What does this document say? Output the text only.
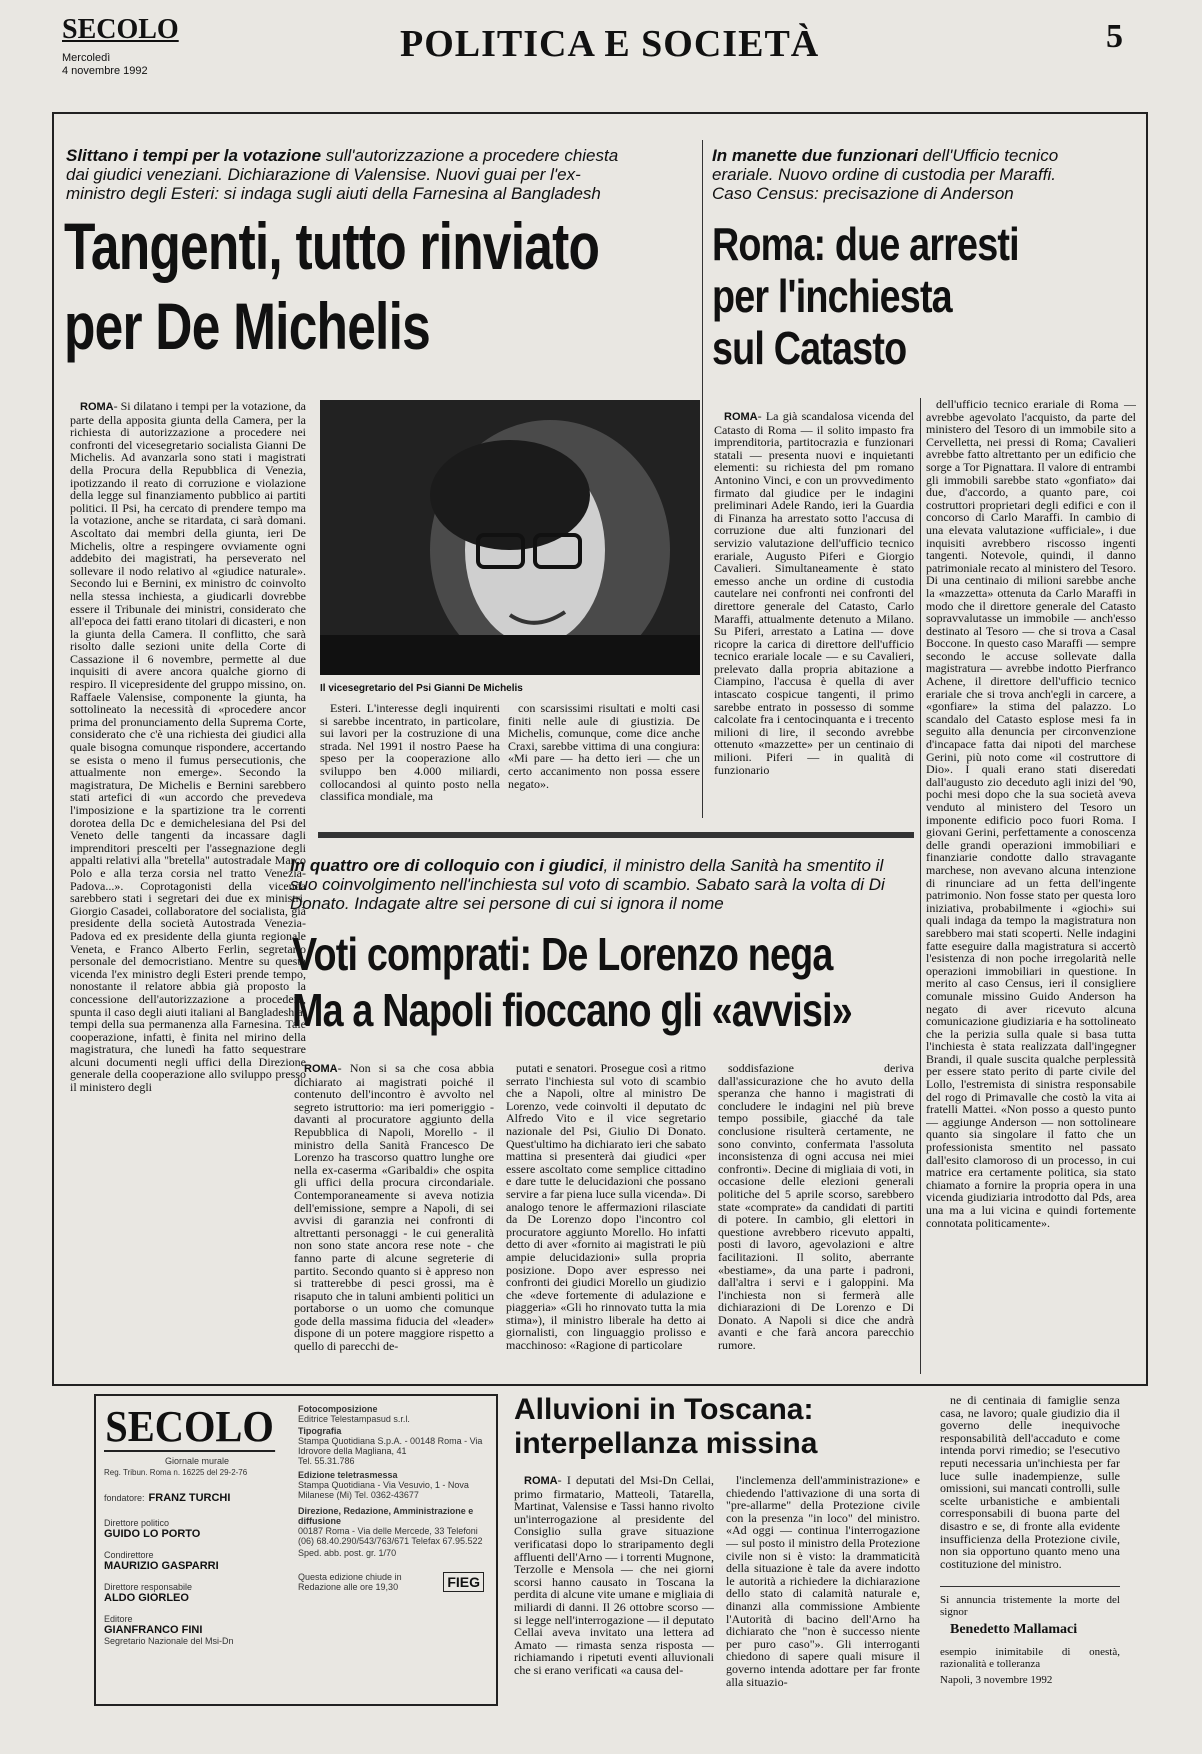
SECOLO
Mercoledì
4 novembre 1992
POLITICA E SOCIETÀ	5
Slittano i tempi per la votazione sull'autorizzazione a procedere chiesta dai giudici veneziani. Dichiarazione di Valensise. Nuovi guai per l'ex-ministro degli Esteri: si indaga sugli aiuti della Farnesina al Bangladesh
Tangenti, tutto rinviato
per De Michelis

ROMA- Si dilatano i tempi per la votazione, da parte della apposita giunta della Camera, per la richiesta di autorizzazione a procedere nei confronti del vicesegretario socialista Gianni De Michelis. Ad avanzarla sono stati i magistrati della Procura della Repubblica di Venezia, ipotizzando il reato di corruzione e violazione della legge sul finanziamento pubblico ai partiti politici. Il Psi, ha cercato di prendere tempo ma la votazione, anche se ritardata, ci sarà domani. Ascoltato dai membri della giunta, ieri De Michelis, oltre a respingere ovviamente ogni addebito dei magistrati, ha perseverato nel sollevare il nodo relativo al «giudice naturale». Secondo lui e Bernini, ex ministro dc coinvolto nella stessa inchiesta, a giudicarli dovrebbe essere il Tribunale dei ministri, considerato che all'epoca dei fatti erano titolari di dicasteri, e non la giunta della Camera. Il conflitto, che sarà risolto dalle sezioni unite della Corte di Cassazione il 6 novembre, permette al due inquisiti di avere ancora qualche giorno di respiro. Il vicepresidente del gruppo missino, on. Raffaele Valensise, componente la giunta, ha sottolineato la necessità di «procedere ancor prima del pronunciamento della Suprema Corte, considerato che c'è una richiesta dei giudici alla quale bisogna comunque rispondere, accertando se esista o meno il fumus persecutionis, che attualmente non emerge». Secondo la magistratura, De Michelis e Bernini sarebbero stati artefici di «un accordo che prevedeva l'imposizione e la spartizione tra le correnti dorotea della Dc e demichelesiana del Psi del Veneto delle tangenti da incassare dagli imprenditori prescelti per l'assegnazione degli appalti relativi alla "bretella" autostradale Marco Polo e alla terza corsia nel tratto Venezia-Padova...». Coprotagonisti della vicenda sarebbero stati i segretari dei due ex ministri, Giorgio Casadei, collaboratore del socialista, già presidente della società Autostrada Venezia-Padova ed ex presidente della giunta regionale Veneta, e Franco Alberto Ferlin, segretario personale del democristiano. Mentre su questa vicenda l'ex ministro degli Esteri prende tempo, nonostante il relatore abbia già proposto la concessione dell'autorizzazione a procedere, spunta il caso degli aiuti italiani al Bangladesh ai tempi della sua permanenza alla Farnesina. Tale cooperazione, infatti, è finita nel mirino della magistratura, che lunedì ha fatto sequestrare alcuni documenti negli uffici della Direzione generale della cooperazione allo sviluppo presso il ministero degli

Il vicesegretario del Psi Gianni De Michelis

Esteri. L'interesse degli inquirenti si sarebbe incentrato, in particolare, sui lavori per la costruzione di una strada. Nel 1991 il nostro Paese ha speso per la cooperazione allo sviluppo ben 4.000 miliardi, collocandosi al quinto posto nella classifica mondiale, ma

con scarsissimi risultati e molti casi finiti nelle aule di giustizia. De Michelis, comunque, come dice anche Craxi, sarebbe vittima di una congiura: «Mi pare — ha detto ieri — che un certo accanimento non possa essere negato».

In manette due funzionari dell'Ufficio tecnico erariale. Nuovo ordine di custodia per Maraffi. Caso Census: precisazione di Anderson
Roma: due arresti
per l'inchiesta
sul Catasto

ROMA- La già scandalosa vicenda del Catasto di Roma — il solito impasto fra imprenditoria, partitocrazia e funzionari statali — presenta nuovi e inquietanti elementi: su richiesta del pm romano Antonino Vinci, e con un provvedimento firmato dal giudice per le indagini preliminari Adele Rando, ieri la Guardia di Finanza ha arrestato sotto l'accusa di corruzione due alti funzionari del servizio valutazione dell'ufficio tecnico erariale, Augusto Piferi e Giorgio Cavalieri. Simultaneamente è stato emesso anche un ordine di custodia cautelare nei confronti nei confronti del direttore generale del Catasto, Carlo Maraffi, attualmente detenuto a Milano. Su Piferi, arrestato a Latina — dove ricopre la carica di direttore dell'ufficio tecnico erariale locale — e su Cavalieri, prelevato dalla propria abitazione a Ciampino, l'accusa è quella di aver intascato cospicue tangenti, il primo sarebbe entrato in possesso di somme calcolate fra i centocinquanta e i trecento milioni di lire, il secondo avrebbe ottenuto «mazzette» per un centinaio di milioni. Piferi — in qualità di funzionario

dell'ufficio tecnico erariale di Roma — avrebbe agevolato l'acquisto, da parte del ministero del Tesoro di un immobile sito a Cervelletta, nei pressi di Roma; Cavalieri avrebbe fatto altrettanto per un edificio che sorge a Tor Pignattara. Il valore di entrambi gli immobili sarebbe stato «gonfiato» dai due, d'accordo, a quanto pare, coi costruttori proprietari degli edifici e con il concorso di Carlo Maraffi. In cambio di una elevata valutazione «ufficiale», i due inquisiti avrebbero riscosso ingenti tangenti. Notevole, quindi, il danno patrimoniale recato al ministero del Tesoro. Di una centinaio di milioni sarebbe anche la «mazzetta» ottenuta da Carlo Maraffi in modo che il direttore generale del Catasto sopravvalutasse un immobile — anch'esso destinato al Tesoro — che si trova a Casal Boccone. In questo caso Maraffi — sempre secondo le accuse sollevate dalla magistratura — avrebbe indotto Pierfranco Achene, il direttore dell'ufficio tecnico erariale che si trova anch'egli in carcere, a «gonfiare» la stima del palazzo. Lo scandalo del Catasto esplose mesi fa in seguito alla denuncia per circonvenzione d'incapace fatta dai nipoti del marchese Gerini, più noto come «il costruttore di Dio». I quali erano stati diseredati dall'augusto zio deceduto agli inizi del '90, pochi mesi dopo che la sua società aveva venduto al ministero del Tesoro un imponente edificio poco fuori Roma. I giovani Gerini, perfettamente a conoscenza delle grandi operazioni immobiliari e finanziarie condotte dallo stravagante marchese, non avevano alcuna intenzione di rinunciare ad un fetta dell'ingente patrimonio. Non fosse stato per questa loro iniziativa, probabilmente i «giochi» sui quali indaga da tempo la magistratura non sarebbero mai stati scoperti. Nelle indagini fatte eseguire dalla magistratura si accertò l'esistenza di non poche irregolarità nelle operazioni immobiliari in questione. In merito al caso Census, ieri il consigliere comunale missino Guido Anderson ha negato di aver ricevuto alcuna comunicazione giudiziaria e ha sottolineato che la perizia sulla quale si basa tutta l'inchiesta è stata realizzata dall'ingegner Brandi, il quale suscita qualche perplessità per essere stato perito di parte civile del Lollo, l'estremista di sinistra responsabile del rogo di Primavalle che costò la vita ai fratelli Mattei. «Non posso a questo punto — aggiunge Anderson — non sottolineare quanto sia singolare il fatto che un professionista smentito nel passato dall'esito clamoroso di un processo, in cui matrice era certamente politica, sia stato chiamato a fornire la propria opera in una vicenda giudiziaria introdotto dal Pds, area una ma a lui vicina e quindi fortemente connotata politicamente».

In quattro ore di colloquio con i giudici, il ministro della Sanità ha smentito il suo coinvolgimento nell'inchiesta sul voto di scambio. Sabato sarà la volta di Di Donato. Indagate altre sei persone di cui si ignora il nome
Voti comprati: De Lorenzo nega
Ma a Napoli fioccano gli «avvisi»

ROMA- Non si sa che cosa abbia dichiarato ai magistrati poiché il contenuto dell'incontro è avvolto nel segreto istruttorio: ma ieri pomeriggio - davanti al procuratore aggiunto della Repubblica di Napoli, Morello - il ministro della Sanità Francesco De Lorenzo ha trascorso quattro lunghe ore nella ex-caserma «Garibaldi» che ospita gli uffici della procura circondariale. Contemporaneamente si aveva notizia dell'emissione, sempre a Napoli, di sei avvisi di garanzia nei confronti di altrettanti personaggi - le cui generalità non sono state ancora rese note - che fanno parte di alcune segreterie di partito. Secondo quanto si è appreso non si tratterebbe di pesci grossi, ma è risaputo che in taluni ambienti politici un portaborse o un uomo che comunque gode della massima fiducia del «leader» dispone di un potere maggiore rispetto a quello di parecchi de-

putati e senatori. Prosegue così a ritmo serrato l'inchiesta sul voto di scambio che a Napoli, oltre al ministro De Lorenzo, vede coinvolti il deputato dc Alfredo Vito e il vice segretario nazionale del Psi, Giulio Di Donato. Quest'ultimo ha dichiarato ieri che sabato mattina si presenterà dai giudici «per essere ascoltato come semplice cittadino e dare tutte le delucidazioni che possano servire a far piena luce sulla vicenda». Di analogo tenore le affermazioni rilasciate da De Lorenzo dopo l'incontro col procuratore aggiunto Morello. Ho infatti detto di aver «fornito ai magistrati le più ampie delucidazioni» sulla propria posizione. Dopo aver espresso nei confronti dei giudici Morello un giudizio che «deve fortemente di adulazione e piaggeria» «Gli ho rinnovato tutta la mia stima»), il ministro liberale ha detto ai giornalisti, con linguaggio prolisso e macchinoso: «Ragione di particolare

soddisfazione deriva dall'assicurazione che ho avuto della speranza che hanno i magistrati di concludere le indagini nel più breve tempo possibile, giacché da tale conclusione risulterà certamente, ne sono convinto, confermata l'assoluta inconsistenza di ogni accusa nei miei confronti». Decine di migliaia di voti, in occasione delle elezioni generali politiche del 5 aprile scorso, sarebbero state «comprate» da candidati di partiti di potere. In cambio, gli elettori in questione avrebbero ricevuto appalti, posti di lavoro, agevolazioni e altre facilitazioni. Il solito, aberrante «bestiame», da una parte i padroni, dall'altra i servi e i galoppini. Ma l'inchiesta non si fermerà alle dichiarazioni di De Lorenzo e Di Donato. A Napoli si dice che andrà avanti e che farà ancora parecchio rumore.

SECOLO
Giornale murale
Reg. Tribun. Roma n. 16225 del 29-2-76
fondatore: FRANZ TURCHI
Direttore politico
GUIDO LO PORTO
Condirettore
MAURIZIO GASPARRI
Direttore responsabile
ALDO GIORLEO
Editore
GIANFRANCO FINI
Segretario Nazionale del Msi-Dn
Fotocomposizione
Editrice Telestampasud s.r.l.
Tipografia
Stampa Quotidiana S.p.A. - 00148 Roma - Via Idrovore della Magliana, 41
Tel. 55.31.786
Edizione teletrasmessa
Stampa Quotidiana - Via Vesuvio, 1 - Nova Milanese (Mi) Tel. 0362-43677
Direzione, Redazione, Amministrazione e diffusione
00187 Roma - Via delle Mercede, 33 Telefoni (06) 68.40.290/543/763/671 Telefax 67.95.522
Sped. abb. post. gr. 1/70
Questa edizione chiude in Redazione alle ore 19,30	FIEG
Alluvioni in Toscana:
interpellanza missina

ROMA- I deputati del Msi-Dn Cellai, primo firmatario, Matteoli, Tatarella, Martinat, Valensise e Tassi hanno rivolto un'interrogazione al presidente del Consiglio sulla grave situazione verificatasi dopo lo straripamento degli affluenti dell'Arno — i torrenti Mugnone, Terzolle e Mensola — che nei giorni scorsi hanno causato in Toscana la perdita di alcune vite umane e migliaia di miliardi di danni. Il 26 ottobre scorso — si legge nell'interrogazione — il deputato Cellai aveva invitato una lettera ad Amato — rimasta senza risposta — richiamando i ripetuti eventi alluvionali che si erano verificati «a causa del-

l'inclemenza dell'amministrazione» e chiedendo l'attivazione di una sorta di "pre-allarme" della Protezione civile con la presenza "in loco" del ministro. «Ad oggi — continua l'interrogazione — sul posto il ministro della Protezione civile non si è visto: la drammaticità della situazione è tale da avere indotto le autorità a richiedere la dichiarazione dello stato di calamità naturale e, dinanzi alla commissione Ambiente l'Autorità di bacino dell'Arno ha dichiarato che "non è successo niente per puro caso"». Gli interroganti chiedono di sapere quali misure il governo intenda adottare per far fronte alla situazio-

ne di centinaia di famiglie senza casa, ne lavoro; quale giudizio dia il governo delle inequivoche responsabilità dell'accaduto e come intenda porvi rimedio; se l'esecutivo reputi necessaria un'inchiesta per far luce sulle inadempienze, sulle omissioni, sui mancati controlli, sulle scelte urbanistiche e ambientali corresponsabili di buona parte del disastro e se, di fronte alla evidente insufficienza della Protezione civile, non sia opportuno quanto meno una costituzione del ministro.

Si annuncia tristemente la morte del signor
Benedetto Mallamaci
esempio inimitabile di onestà, razionalità e tolleranza
Napoli, 3 novembre 1992
